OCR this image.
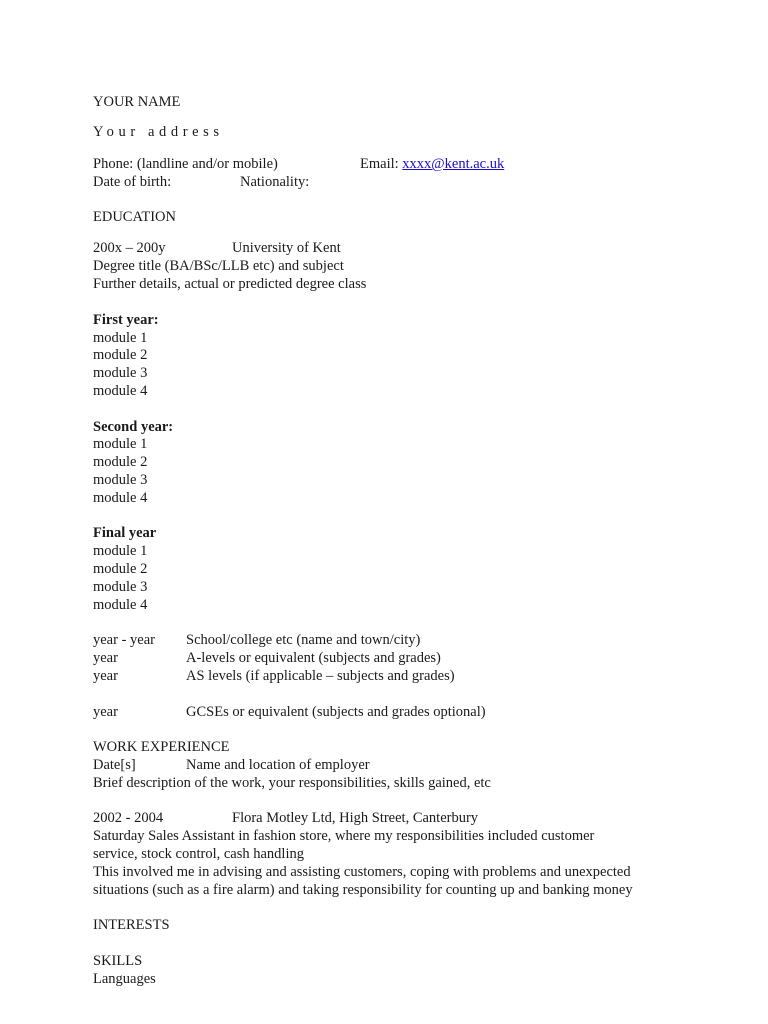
YOUR NAME
Your address
Phone: (landline and/or mobile)	Email: xxxx@kent.ac.uk
Date of birth:	Nationality:
EDUCATION
200x – 200y	University of Kent
Degree title (BA/BSc/LLB etc) and subject
Further details, actual or predicted degree class
First year:
module 1
module 2
module 3
module 4
Second year:
module 1
module 2
module 3
module 4
Final year
module 1
module 2
module 3
module 4
year - year School/college etc (name and town/city)
year	A-levels or equivalent (subjects and grades)
year	AS levels (if applicable – subjects and grades)
year	GCSEs or equivalent (subjects and grades optional)
WORK EXPERIENCE
Date[s]	Name and location of employer
Brief description of the work, your responsibilities, skills gained, etc
2002 - 2004	Flora Motley Ltd, High Street, Canterbury
Saturday Sales Assistant in fashion store, where my responsibilities included customer
service, stock control, cash handling
This involved me in advising and assisting customers, coping with problems and unexpected
situations (such as a fire alarm) and taking responsibility for counting up and banking money
INTERESTS
SKILLS
Languages
